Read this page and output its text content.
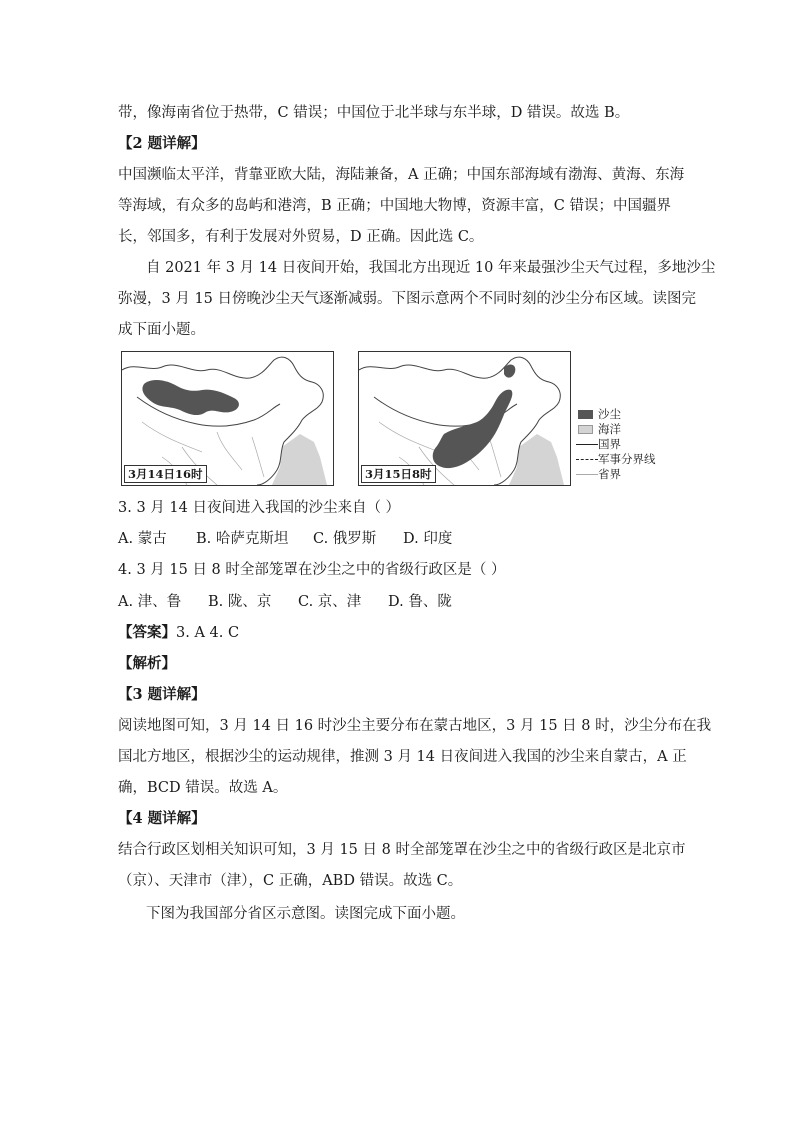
带，像海南省位于热带，C 错误；中国位于北半球与东半球，D 错误。故选 B。
【2 题详解】
中国濒临太平洋，背靠亚欧大陆，海陆兼备，A 正确；中国东部海域有渤海、黄海、东海
等海域，有众多的岛屿和港湾，B 正确；中国地大物博，资源丰富，C 错误；中国疆界
长，邻国多，有利于发展对外贸易，D 正确。因此选 C。
自 2021 年 3 月 14 日夜间开始，我国北方出现近 10 年来最强沙尘天气过程，多地沙尘
弥漫，3 月 15 日傍晚沙尘天气逐渐减弱。下图示意两个不同时刻的沙尘分布区域。读图完
成下面小题。
3月14日16时	3月15日8时
沙尘
海洋
国界
军事分界线
省界
3. 3 月 14 日夜间进入我国的沙尘来自（ ）
A. 蒙古 B. 哈萨克斯坦 C. 俄罗斯 D. 印度
4. 3 月 15 日 8 时全部笼罩在沙尘之中的省级行政区是（ ）
A. 津、鲁 B. 陇、京 C. 京、津 D. 鲁、陇
【答案】3. A 4. C
【解析】
【3 题详解】
阅读地图可知，3 月 14 日 16 时沙尘主要分布在蒙古地区，3 月 15 日 8 时，沙尘分布在我
国北方地区，根据沙尘的运动规律，推测 3 月 14 日夜间进入我国的沙尘来自蒙古，A 正
确，BCD 错误。故选 A。
【4 题详解】
结合行政区划相关知识可知，3 月 15 日 8 时全部笼罩在沙尘之中的省级行政区是北京市
（京）、天津市（津），C 正确，ABD 错误。故选 C。
下图为我国部分省区示意图。读图完成下面小题。
